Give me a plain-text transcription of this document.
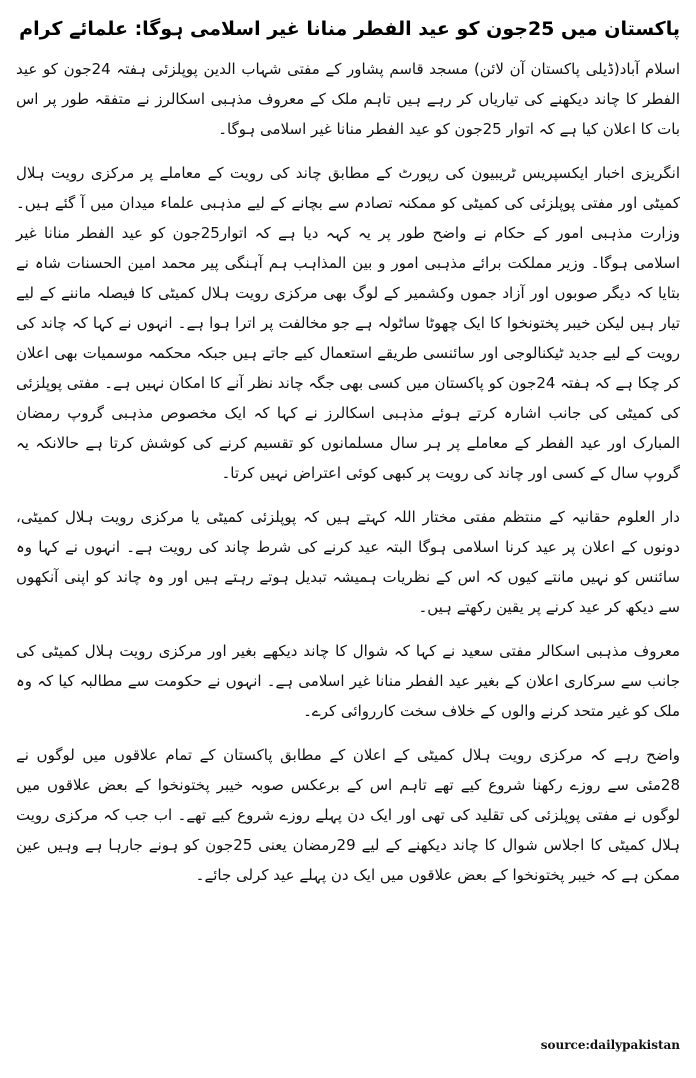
پاکستان میں 25جون کو عید الفطر منانا غیر اسلامی ہوگا: علمائے کرام

اسلام آباد(ڈیلی پاکستان آن لائن) مسجد قاسم پشاور کے مفتی شہاب الدین پوپلزئی ہفتہ 24جون کو عید الفطر کا چاند دیکھنے کی تیاریاں کر رہے ہیں تاہم ملک کے معروف مذہبی اسکالرز نے متفقہ طور پر اس بات کا اعلان کیا ہے کہ اتوار 25جون کو عید الفطر منانا غیر اسلامی ہوگا۔

انگریزی اخبار ایکسپریس ٹریبیون کی رپورٹ کے مطابق چاند کی رویت کے معاملے پر مرکزی رویت ہلال کمیٹی اور مفتی پوپلزئی کی کمیٹی کو ممکنہ تصادم سے بچانے کے لیے مذہبی علماء میدان میں آ گئے ہیں۔ وزارت مذہبی امور کے حکام نے واضح طور پر یہ کہہ دیا ہے کہ اتوار25جون کو عید الفطر منانا غیر اسلامی ہوگا۔ وزیر مملکت برائے مذہبی امور و بین المذاہب ہم آہنگی پیر محمد امین الحسنات شاہ نے بتایا کہ دیگر صوبوں اور آزاد جموں وکشمیر کے لوگ بھی مرکزی رویت ہلال کمیٹی کا فیصلہ ماننے کے لیے تیار ہیں لیکن خیبر پختونخوا کا ایک چھوٹا ساٹولہ ہے جو مخالفت پر اترا ہوا ہے۔ انہوں نے کہا کہ چاند کی رویت کے لیے جدید ٹیکنالوجی اور سائنسی طریقے استعمال کیے جاتے ہیں جبکہ محکمہ موسمیات بھی اعلان کر چکا ہے کہ ہفتہ 24جون کو پاکستان میں کسی بھی جگہ چاند نظر آنے کا امکان نہیں ہے۔ مفتی پوپلزئی کی کمیٹی کی جانب اشارہ کرتے ہوئے مذہبی اسکالرز نے کہا کہ ایک مخصوص مذہبی گروپ رمضان المبارک اور عید الفطر کے معاملے پر ہر سال مسلمانوں کو تقسیم کرنے کی کوشش کرتا ہے حالانکہ یہ گروپ سال کے کسی اور چاند کی رویت پر کبھی کوئی اعتراض نہیں کرتا۔

دار العلوم حقانیہ کے منتظم مفتی مختار اللہ کہتے ہیں کہ پوپلزئی کمیٹی یا مرکزی رویت ہلال کمیٹی، دونوں کے اعلان پر عید کرنا اسلامی ہوگا البتہ عید کرنے کی شرط چاند کی رویت ہے۔ انہوں نے کہا وہ سائنس کو نہیں مانتے کیوں کہ اس کے نظریات ہمیشہ تبدیل ہوتے رہتے ہیں اور وہ چاند کو اپنی آنکھوں سے دیکھ کر عید کرنے پر یقین رکھتے ہیں۔

معروف مذہبی اسکالر مفتی سعید نے کہا کہ شوال کا چاند دیکھے بغیر اور مرکزی رویت ہلال کمیٹی کی جانب سے سرکاری اعلان کے بغیر عید الفطر منانا غیر اسلامی ہے۔ انہوں نے حکومت سے مطالبہ کیا کہ وہ ملک کو غیر متحد کرنے والوں کے خلاف سخت کارروائی کرے۔

واضح رہے کہ مرکزی رویت ہلال کمیٹی کے اعلان کے مطابق پاکستان کے تمام علاقوں میں لوگوں نے 28مئی سے روزے رکھنا شروع کیے تھے تاہم اس کے برعکس صوبہ خیبر پختونخوا کے بعض علاقوں میں لوگوں نے مفتی پوپلزئی کی تقلید کی تھی اور ایک دن پہلے روزے شروع کیے تھے۔ اب جب کہ مرکزی رویت ہلال کمیٹی کا اجلاس شوال کا چاند دیکھنے کے لیے 29رمضان یعنی 25جون کو ہونے جارہا ہے وہیں عین ممکن ہے کہ خیبر پختونخوا کے بعض علاقوں میں ایک دن پہلے عید کرلی جائے۔

source:dailypakistan
